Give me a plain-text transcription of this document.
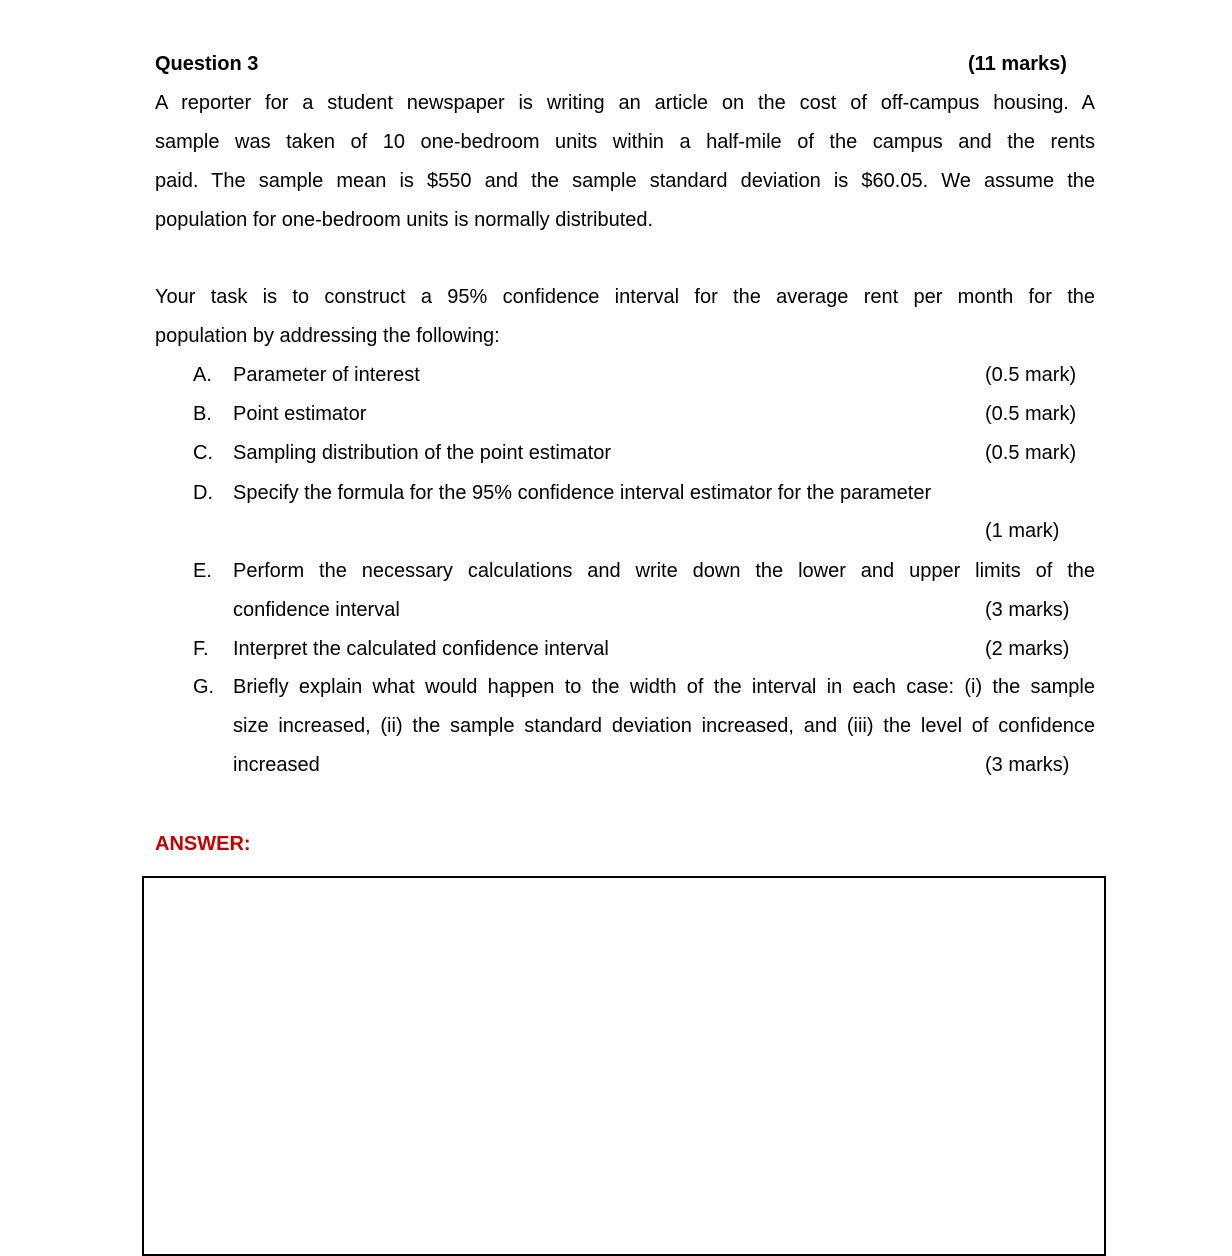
Question 3	(11 marks)
A reporter for a student newspaper is writing an article on the cost of off-campus housing. A
sample was taken of 10 one-bedroom units within a half-mile of the campus and the rents
paid. The sample mean is $550 and the sample standard deviation is $60.05. We assume the
population for one-bedroom units is normally distributed.
Your task is to construct a 95% confidence interval for the average rent per month for the
population by addressing the following:
A. Parameter of interest	(0.5 mark)
B. Point estimator	(0.5 mark)
C. Sampling distribution of the point estimator	(0.5 mark)
D. Specify the formula for the 95% confidence interval estimator for the parameter
(1 mark)
E. Perform the necessary calculations and write down the lower and upper limits of the
confidence interval	(3 marks)
F. Interpret the calculated confidence interval	(2 marks)
G. Briefly explain what would happen to the width of the interval in each case: (i) the sample
size increased, (ii) the sample standard deviation increased, and (iii) the level of confidence
increased	(3 marks)
ANSWER:
